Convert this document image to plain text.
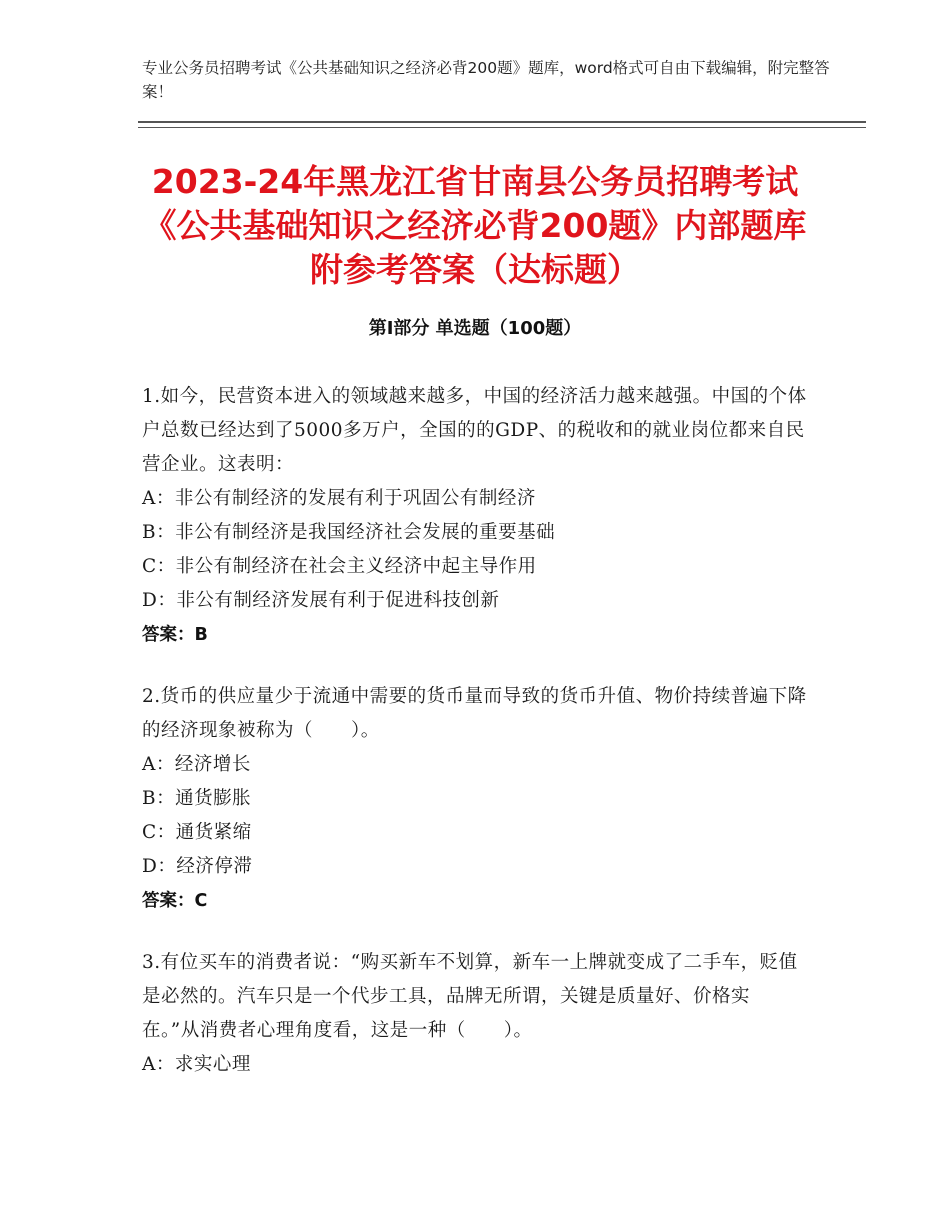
专业公务员招聘考试《公共基础知识之经济必背200题》题库，word格式可自由下载编辑，附完整答案！
2023-24年黑龙江省甘南县公务员招聘考试《公共基础知识之经济必背200题》内部题库附参考答案（达标题）
第Ⅰ部分 单选题（100题）
1.如今，民营资本进入的领域越来越多，中国的经济活力越来越强。中国的个体户总数已经达到了5000多万户，全国的的GDP、的税收和的就业岗位都来自民营企业。这表明：
A：非公有制经济的发展有利于巩固公有制经济
B：非公有制经济是我国经济社会发展的重要基础
C：非公有制经济在社会主义经济中起主导作用
D：非公有制经济发展有利于促进科技创新
答案：B
2.货币的供应量少于流通中需要的货币量而导致的货币升值、物价持续普遍下降的经济现象被称为（　　）。
A：经济增长
B：通货膨胀
C：通货紧缩
D：经济停滞
答案：C
3.有位买车的消费者说：“购买新车不划算，新车一上牌就变成了二手车，贬值是必然的。汽车只是一个代步工具，品牌无所谓，关键是质量好、价格实在。”从消费者心理角度看，这是一种（　　）。
A：求实心理
